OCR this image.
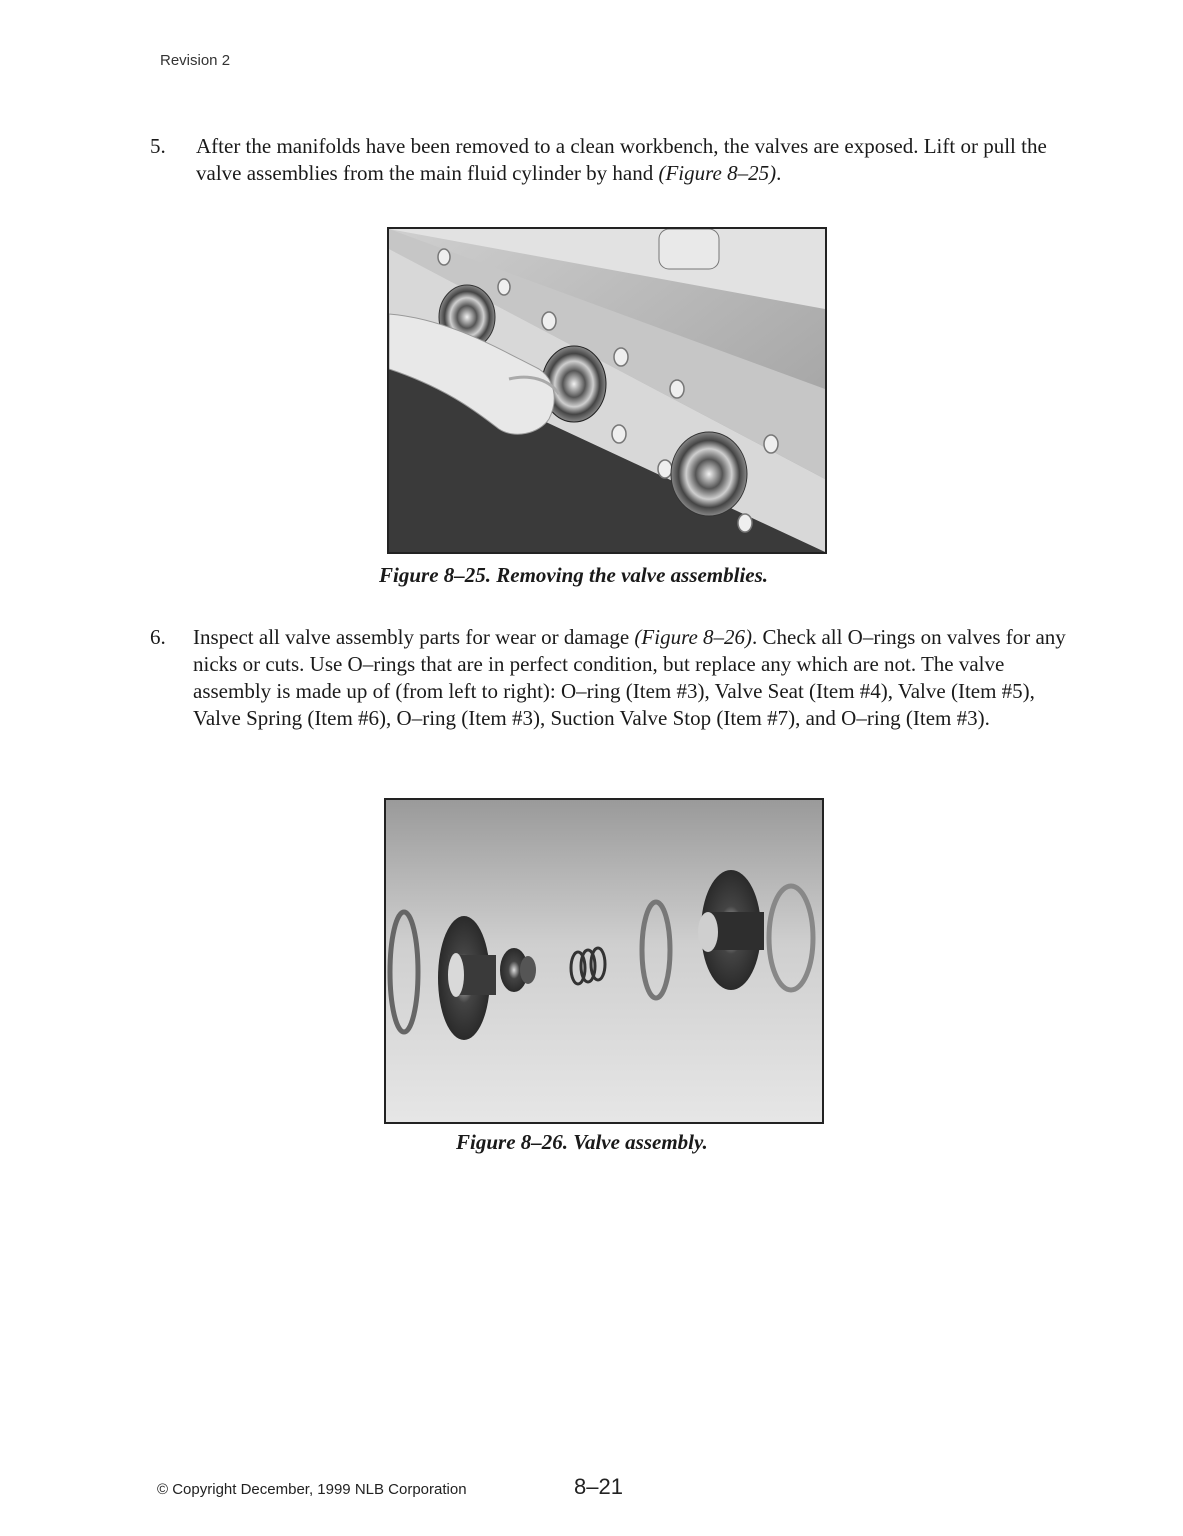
Revision 2
5. After the manifolds have been removed to a clean workbench, the valves are exposed. Lift or pull the valve assemblies from the main fluid cylinder by hand (Figure 8–25).
Figure 8–25. Removing the valve assemblies.
6. Inspect all valve assembly parts for wear or damage (Figure 8–26). Check all O–rings on valves for any nicks or cuts. Use O–rings that are in perfect condition, but replace any which are not. The valve assembly is made up of (from left to right): O–ring (Item #3), Valve Seat (Item #4), Valve (Item #5), Valve Spring (Item #6), O–ring (Item #3), Suction Valve Stop (Item #7), and O–ring (Item #3).
Figure 8–26. Valve assembly.
© Copyright December, 1999 NLB Corporation	8–21
